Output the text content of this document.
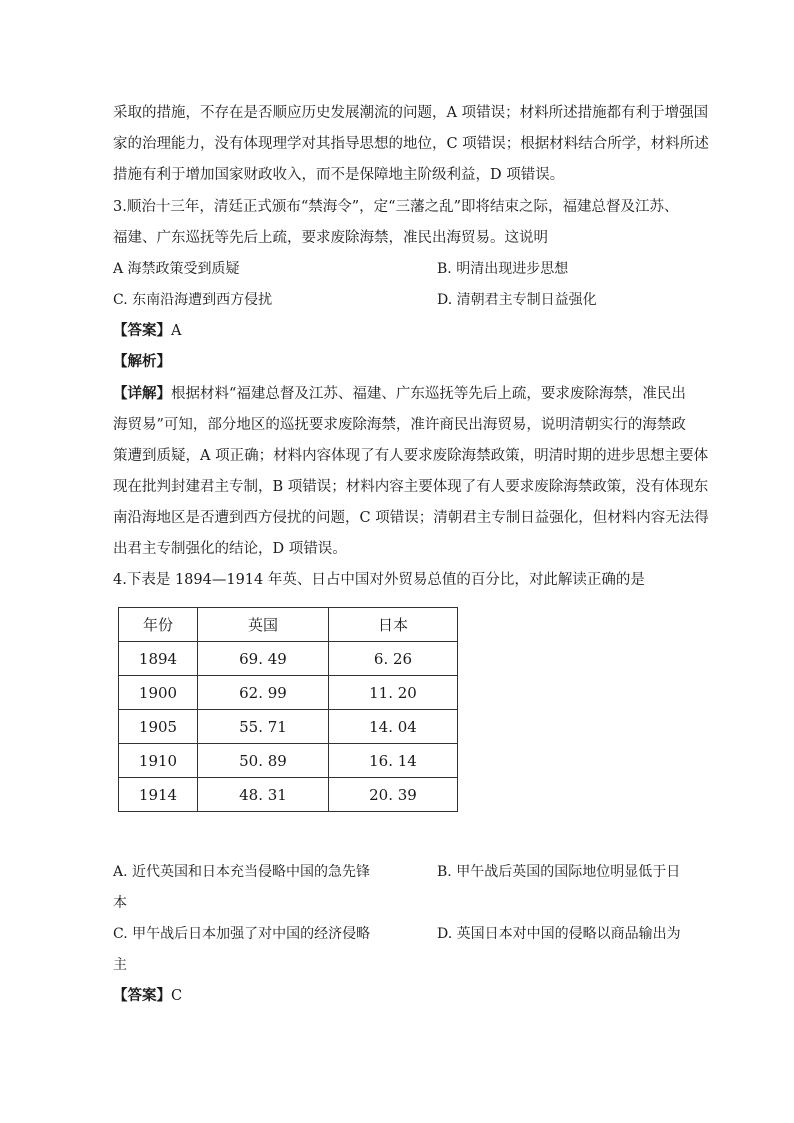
采取的措施，不存在是否顺应历史发展潮流的问题，A 项错误；材料所述措施都有利于增强国
家的治理能力，没有体现理学对其指导思想的地位，C 项错误；根据材料结合所学，材料所述
措施有利于增加国家财政收入，而不是保障地主阶级利益，D 项错误。
3.顺治十三年，清廷正式颁布“禁海令”，定“三藩之乱”即将结束之际，福建总督及江苏、
福建、广东巡抚等先后上疏，要求废除海禁，准民出海贸易。这说明
A 海禁政策受到质疑	B. 明清出现进步思想
C. 东南沿海遭到西方侵扰	D. 清朝君主专制日益强化
【答案】A
【解析】
【详解】根据材料“福建总督及江苏、福建、广东巡抚等先后上疏，要求废除海禁，准民出
海贸易”可知，部分地区的巡抚要求废除海禁，准许商民出海贸易，说明清朝实行的海禁政
策遭到质疑，A 项正确；材料内容体现了有人要求废除海禁政策，明清时期的进步思想主要体
现在批判封建君主专制，B 项错误；材料内容主要体现了有人要求废除海禁政策，没有体现东
南沿海地区是否遭到西方侵扰的问题，C 项错误；清朝君主专制日益强化，但材料内容无法得
出君主专制强化的结论，D 项错误。
4.下表是 1894—1914 年英、日占中国对外贸易总值的百分比，对此解读正确的是
年份	英国	日本
1894	69. 49	6. 26
1900	62. 99	11. 20
1905	55. 71	14. 04
1910	50. 89	16. 14
1914	48. 31	20. 39
A. 近代英国和日本充当侵略中国的急先锋	B. 甲午战后英国的国际地位明显低于日
本
C. 甲午战后日本加强了对中国的经济侵略	D. 英国日本对中国的侵略以商品输出为
主
【答案】C
